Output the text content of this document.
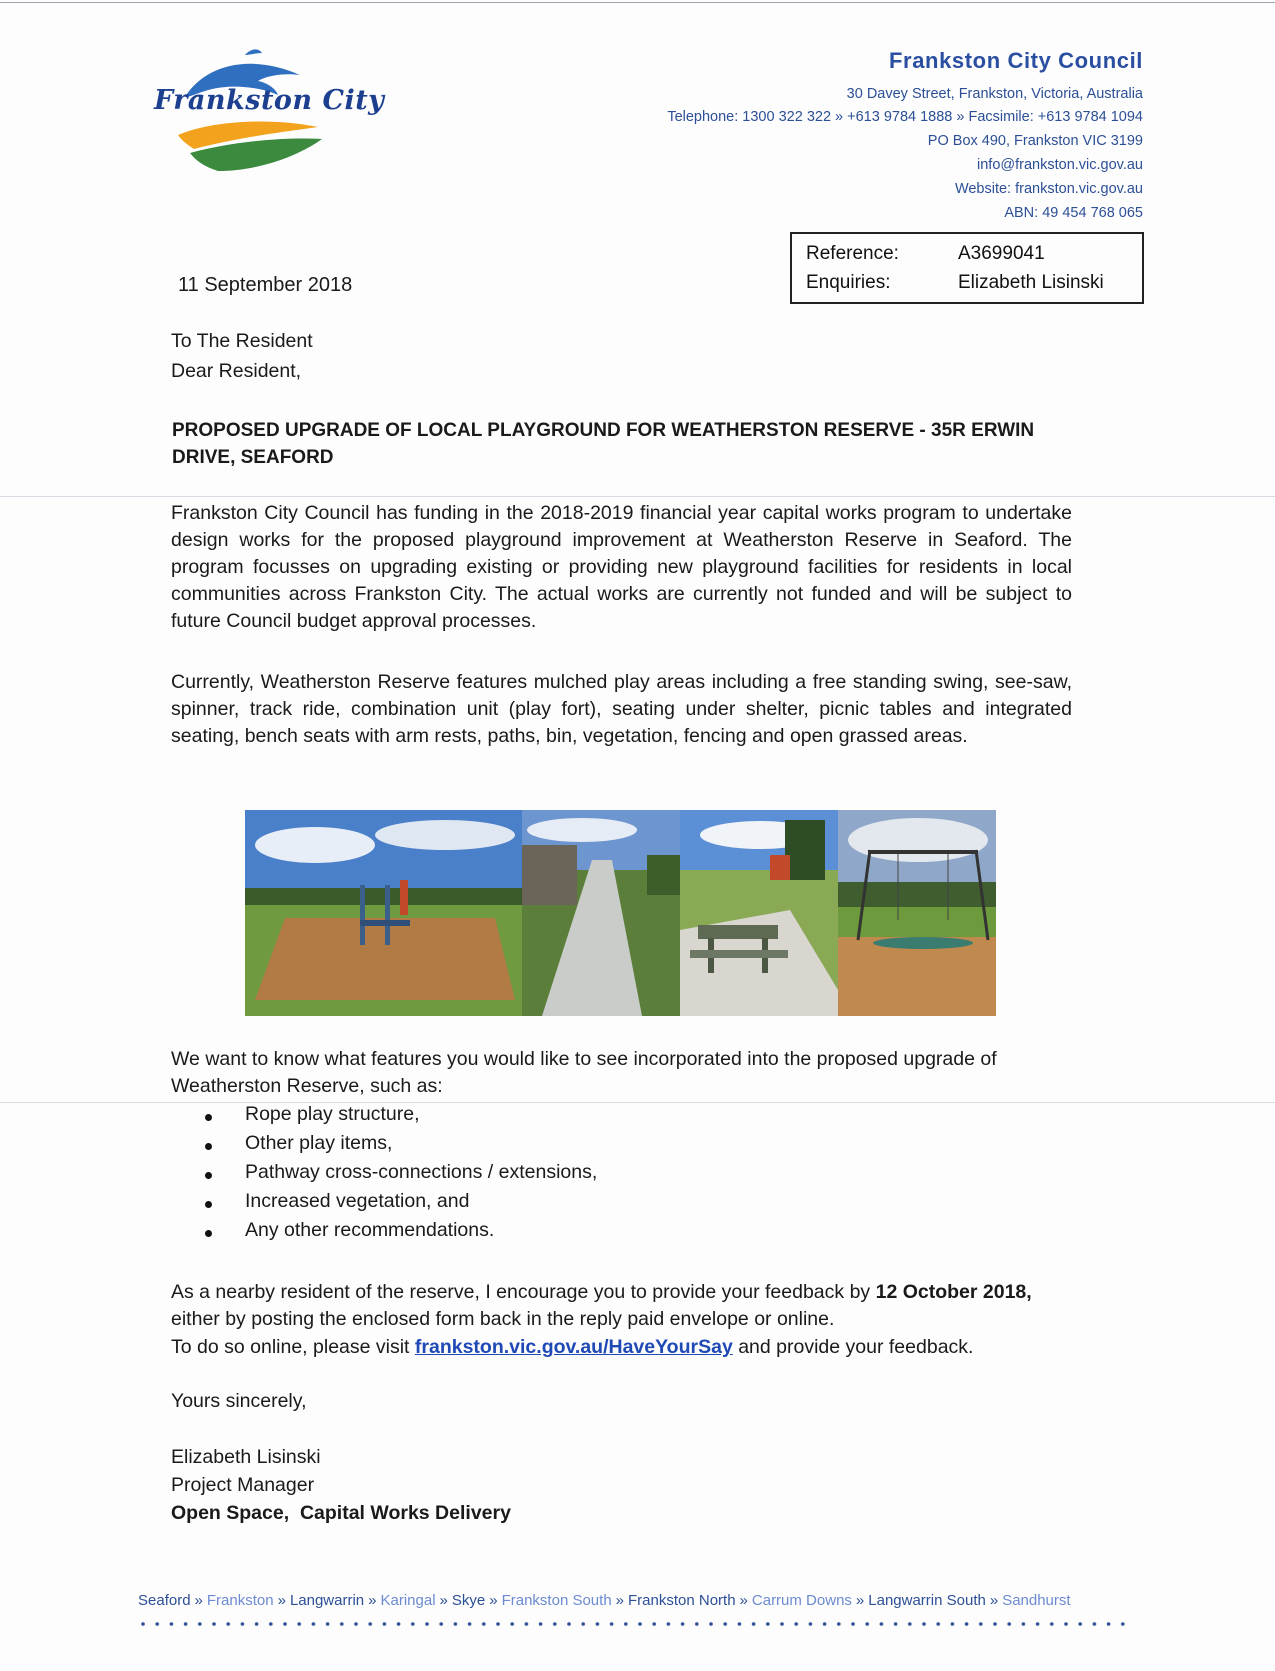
Frankston City
Frankston City Council
30 Davey Street, Frankston, Victoria, Australia
Telephone: 1300 322 322 » +613 9784 1888 » Facsimile: +613 9784 1094
PO Box 490, Frankston VIC 3199
info@frankston.vic.gov.au
Website: frankston.vic.gov.au
ABN: 49 454 768 065
Reference:	A3699041
Enquiries:	Elizabeth Lisinski
11 September 2018
To The Resident
Dear Resident,
PROPOSED UPGRADE OF LOCAL PLAYGROUND FOR WEATHERSTON RESERVE - 35R ERWIN DRIVE, SEAFORD
Frankston City Council has funding in the 2018-2019 financial year capital works program to undertake design works for the proposed playground improvement at Weatherston Reserve in Seaford. The program focusses on upgrading existing or providing new playground facilities for residents in local communities across Frankston City. The actual works are currently not funded and will be subject to future Council budget approval processes.
Currently, Weatherston Reserve features mulched play areas including a free standing swing, see-saw, spinner, track ride, combination unit (play fort), seating under shelter, picnic tables and integrated seating, bench seats with arm rests, paths, bin, vegetation, fencing and open grassed areas.
We want to know what features you would like to see incorporated into the proposed upgrade of Weatherston Reserve, such as:
Rope play structure,
Other play items,
Pathway cross-connections / extensions,
Increased vegetation, and
Any other recommendations.
As a nearby resident of the reserve, I encourage you to provide your feedback by 12 October 2018, either by posting the enclosed form back in the reply paid envelope or online.
To do so online, please visit frankston.vic.gov.au/HaveYourSay and provide your feedback.
Yours sincerely,
Elizabeth Lisinski
Project Manager
Open Space,  Capital Works Delivery
Seaford » Frankston » Langwarrin » Karingal » Skye » Frankston South » Frankston North » Carrum Downs » Langwarrin South » Sandhurst
